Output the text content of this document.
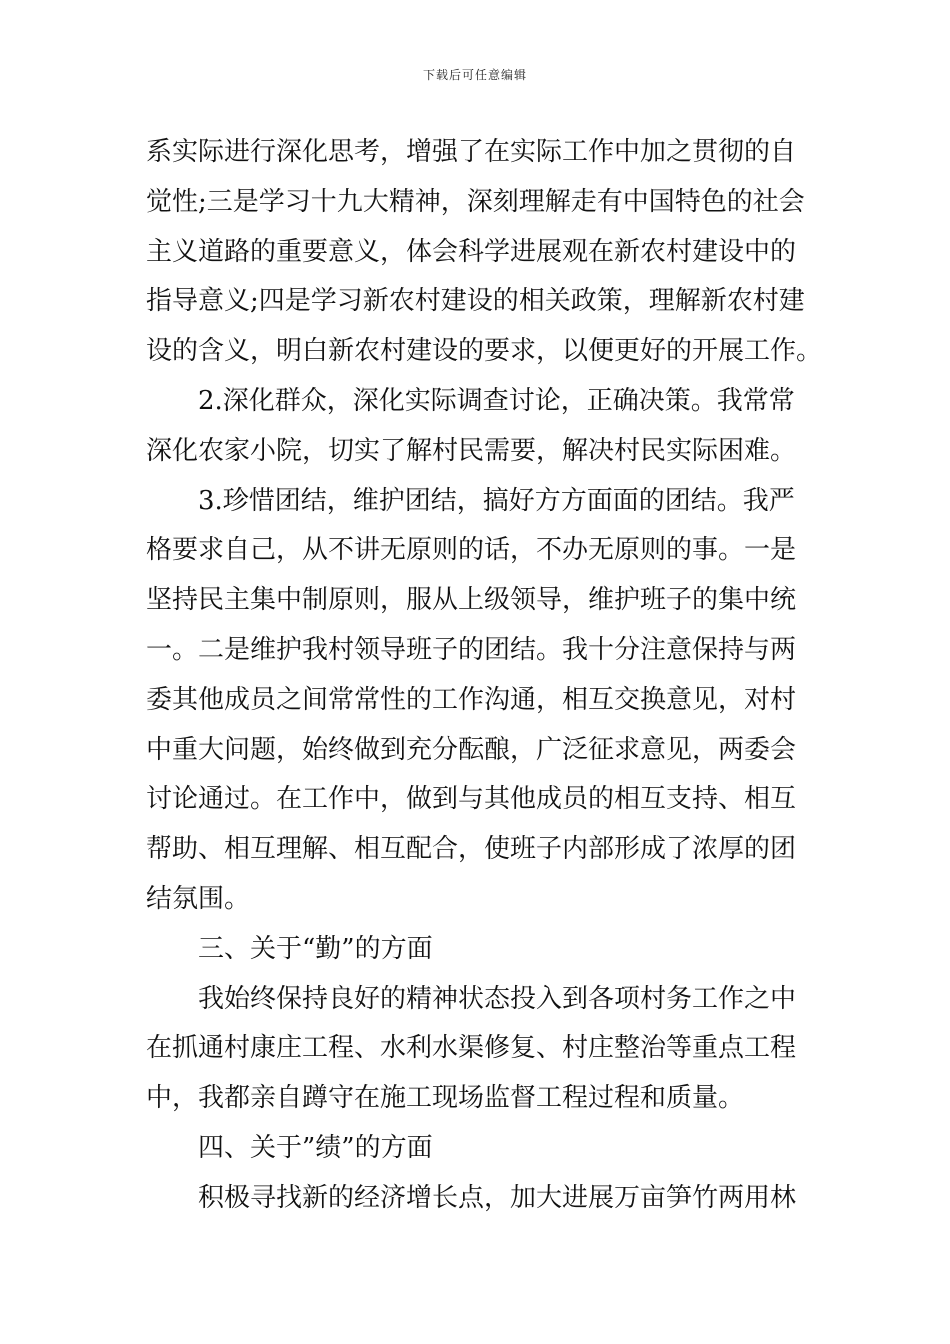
下载后可任意编辑
系实际进行深化思考，增强了在实际工作中加之贯彻的自
觉性;三是学习十九大精神，深刻理解走有中国特色的社会
主义道路的重要意义，体会科学进展观在新农村建设中的
指导意义;四是学习新农村建设的相关政策，理解新农村建
设的含义，明白新农村建设的要求，以便更好的开展工作。
2.深化群众，深化实际调查讨论，正确决策。我常常
深化农家小院，切实了解村民需要，解决村民实际困难。
3.珍惜团结，维护团结，搞好方方面面的团结。我严
格要求自己，从不讲无原则的话，不办无原则的事。一是
坚持民主集中制原则，服从上级领导，维护班子的集中统
一。二是维护我村领导班子的团结。我十分注意保持与两
委其他成员之间常常性的工作沟通，相互交换意见，对村
中重大问题，始终做到充分酝酿，广泛征求意见，两委会
讨论通过。在工作中，做到与其他成员的相互支持、相互
帮助、相互理解、相互配合，使班子内部形成了浓厚的团
结氛围。
三、关于“勤”的方面
我始终保持良好的精神状态投入到各项村务工作之中
在抓通村康庄工程、水利水渠修复、村庄整治等重点工程
中，我都亲自蹲守在施工现场监督工程过程和质量。
四、关于”绩”的方面
积极寻找新的经济增长点，加大进展万亩笋竹两用林
